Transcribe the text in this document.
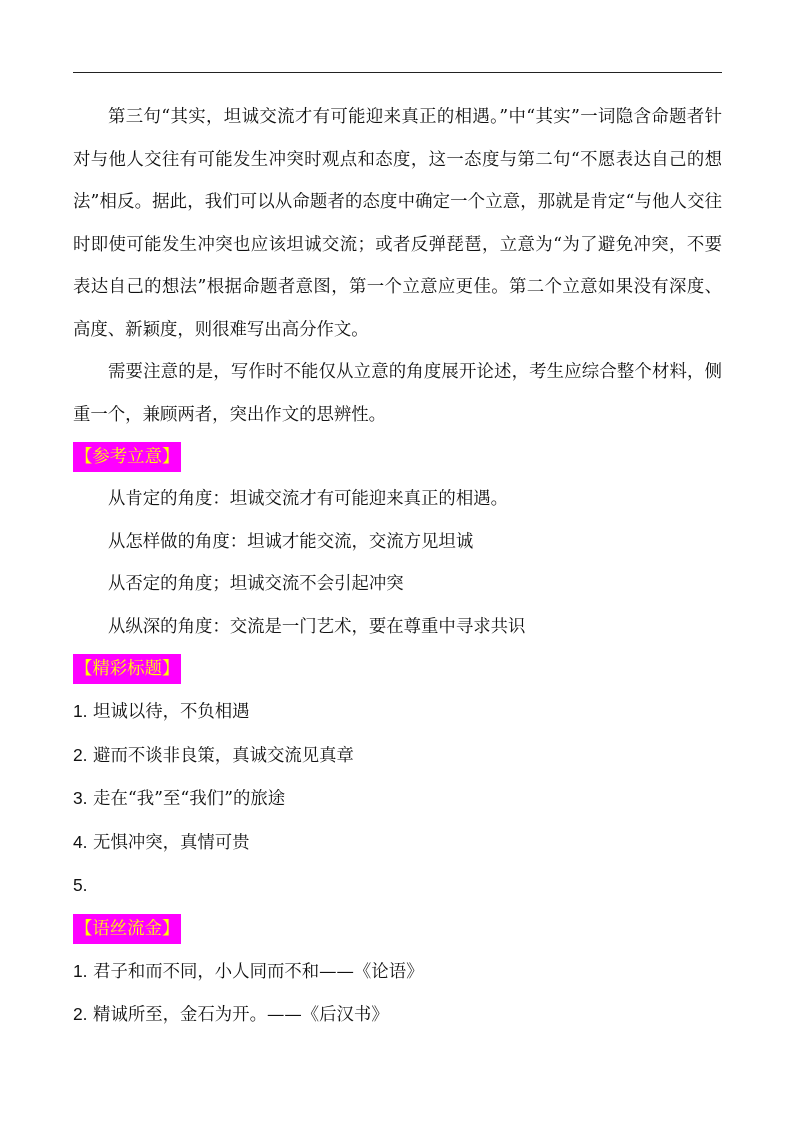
第三句“其实，坦诚交流才有可能迎来真正的相遇。”中“其实”一词隐含命题者针对与他人交往有可能发生冲突时观点和态度，这一态度与第二句“不愿表达自己的想法”相反。据此，我们可以从命题者的态度中确定一个立意，那就是肯定“与他人交往时即使可能发生冲突也应该坦诚交流；或者反弹琵琶，立意为“为了避免冲突，不要表达自己的想法”根据命题者意图，第一个立意应更佳。第二个立意如果没有深度、高度、新颖度，则很难写出高分作文。

需要注意的是，写作时不能仅从立意的角度展开论述，考生应综合整个材料，侧重一个，兼顾两者，突出作文的思辨性。

【参考立意】

从肯定的角度：坦诚交流才有可能迎来真正的相遇。

从怎样做的角度：坦诚才能交流，交流方见坦诚

从否定的角度；坦诚交流不会引起冲突

从纵深的角度：交流是一门艺术，要在尊重中寻求共识

【精彩标题】

1. 坦诚以待，不负相遇

2. 避而不谈非良策，真诚交流见真章

3. 走在“我”至“我们”的旅途

4. 无惧冲突，真情可贵

5.

【语丝流金】

1. 君子和而不同，小人同而不和——《论语》

2. 精诚所至，金石为开。——《后汉书》
